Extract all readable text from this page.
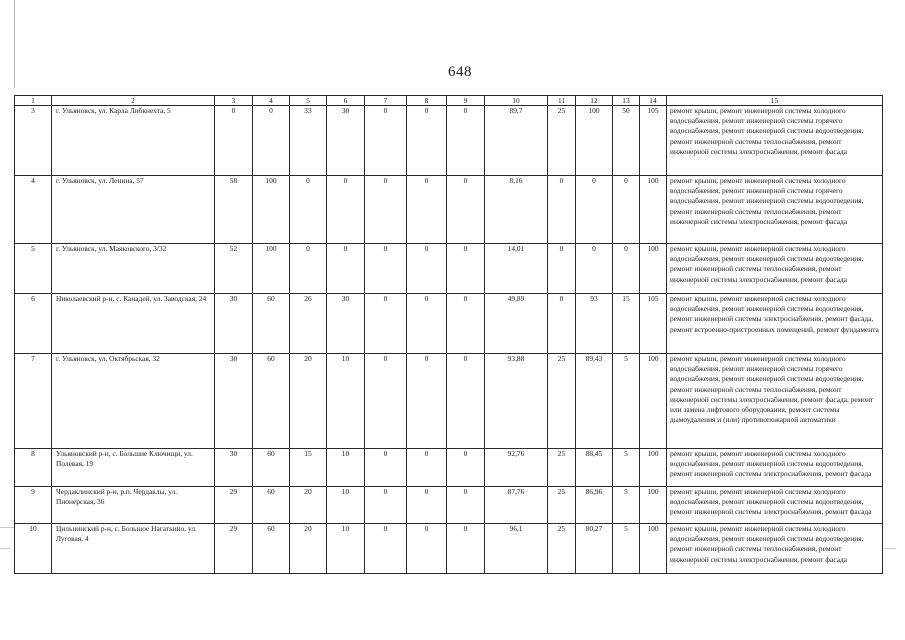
648
1	2	3	4	5	6	7	8	9	10	11	12	13	14	15
3	г. Ульяновск, ул. Карла Либкнехта, 5	0	0	33	30	0	0	0	89,7	25	100	50	105	ремонт крыши, ремонт инженерной системы холодного водоснабжения, ремонт инженерной системы горячего водоснабжения, ремонт инженерной системы водоотведения, ремонт инженерной системы теплоснабжения, ремонт инженерной системы электроснабжения, ремонт фасада
4	г. Ульяновск, ул. Ленина, 57	58	100	0	0	0	0	0	8,16	0	0	0	100	ремонт крыши, ремонт инженерной системы холодного водоснабжения, ремонт инженерной системы горячего водоснабжения, ремонт инженерной системы водоотведения, ремонт инженерной системы теплоснабжения, ремонт инженерной системы электроснабжения, ремонт фасада
5	г. Ульяновск, ул. Маяковского, 3/32	52	100	0	0	0	0	0	14,01	0	0	0	100	ремонт крыши, ремонт инженерной системы холодного водоснабжения, ремонт инженерной системы водоотведения, ремонт инженерной системы теплоснабжения, ремонт инженерной системы электроснабжения, ремонт фасада
6	Николаевский р-н, с. Канадей, ул. Заводская, 24	30	60	26	30	0	0	0	49,89	0	93	15	105	ремонт крыши, ремонт инженерной системы холодного водоснабжения, ремонт инженерной системы водоотведения, ремонт инженерной системы электроснабжения, ремонт фасада, ремонт встроенно-пристроенных помещений, ремонт фундамента
7	г. Ульяновск, ул. Октябрьская, 32	30	60	20	10	0	0	0	93,88	25	89,43	5	100	ремонт крыши, ремонт инженерной системы холодного водоснабжения, ремонт инженерной системы горячего водоснабжения, ремонт инженерной системы водоотведения, ремонт инженерной системы теплоснабжения, ремонт инженерной системы электроснабжения, ремонт фасада, ремонт или замена лифтового оборудования, ремонт системы дымоудаления и (или) противопожарной автоматики
8	Ульяновский р-н, с. Большие Ключищи, ул. Полевая, 19	30	60	15	10	0	0	0	92,76	25	88,45	5	100	ремонт крыши, ремонт инженерной системы холодного водоснабжения, ремонт инженерной системы водоотведения, ремонт инженерной системы электроснабжения, ремонт фасада
9	Чердаклинский р-н, р.п. Чердаклы, ул. Пионерская, 36	29	60	20	10	0	0	0	87,76	25	86,96	5	100	ремонт крыши, ремонт инженерной системы холодного водоснабжения, ремонт инженерной системы водоотведения, ремонт инженерной системы электроснабжения, ремонт фасада
10	Цильнинский р-н, с. Большое Нагаткино, ул. Луговая, 4	29	60	20	10	0	0	0	96,1	25	80,27	5	100	ремонт крыши, ремонт инженерной системы холодного водоснабжения, ремонт инженерной системы водоотведения, ремонт инженерной системы теплоснабжения, ремонт инженерной системы электроснабжения, ремонт фасада
